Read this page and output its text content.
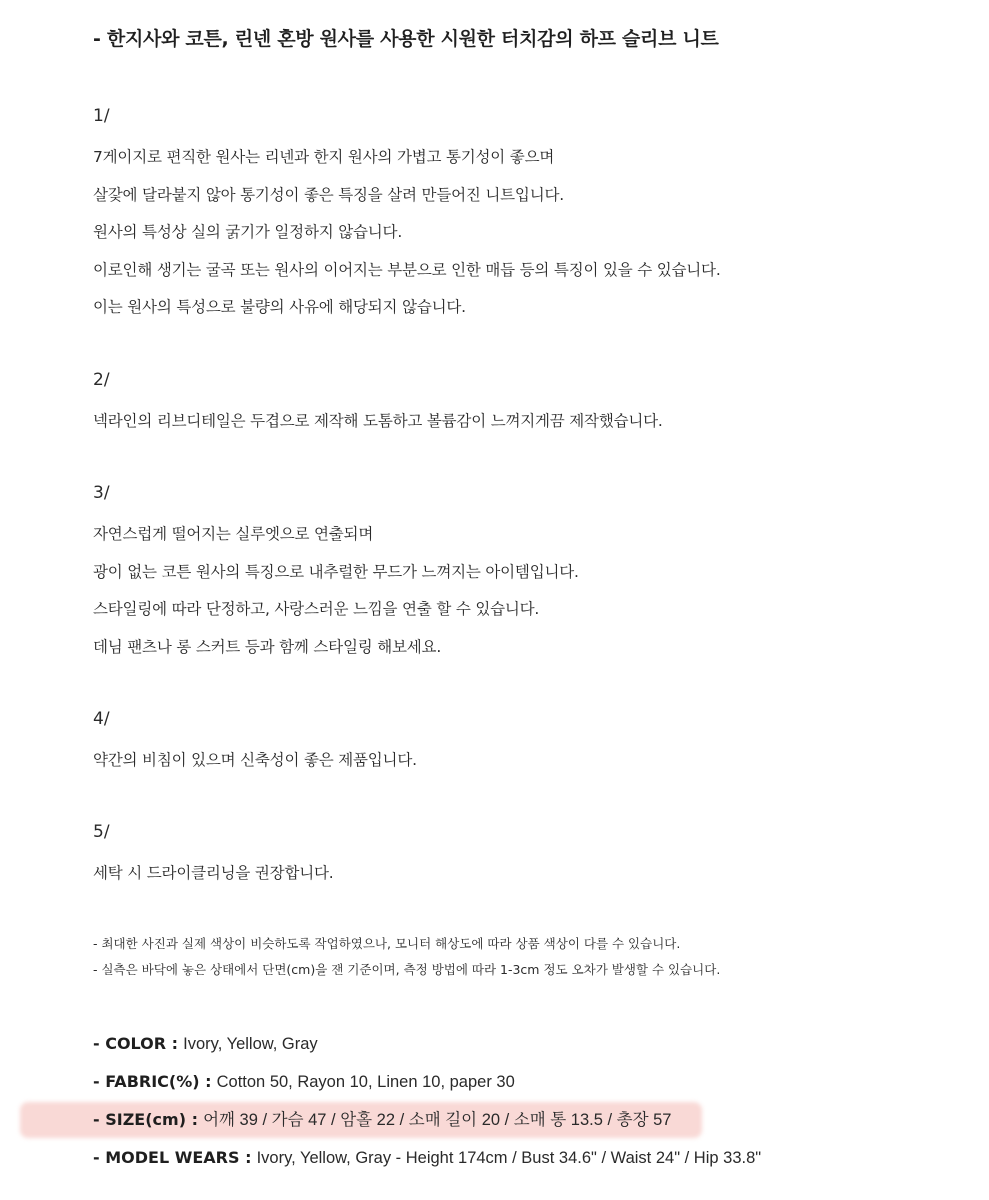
- 한지사와 코튼, 린넨 혼방 원사를 사용한 시원한 터치감의 하프 슬리브 니트
1/
7게이지로 편직한 원사는 리넨과 한지 원사의 가볍고 통기성이 좋으며
살갗에 달라붙지 않아 통기성이 좋은 특징을 살려 만들어진 니트입니다.
원사의 특성상 실의 굵기가 일정하지 않습니다.
이로인해 생기는 굴곡 또는 원사의 이어지는 부분으로 인한 매듭 등의 특징이 있을 수 있습니다.
이는 원사의 특성으로 불량의 사유에 해당되지 않습니다.
2/
넥라인의 리브디테일은 두겹으로 제작해 도톰하고 볼륨감이 느껴지게끔 제작했습니다.
3/
자연스럽게 떨어지는 실루엣으로 연출되며
광이 없는 코튼 원사의 특징으로 내추럴한 무드가 느껴지는 아이템입니다.
스타일링에 따라 단정하고, 사랑스러운 느낌을 연출 할 수 있습니다.
데님 팬츠나 롱 스커트 등과 함께 스타일링 해보세요.
4/
약간의 비침이 있으며 신축성이 좋은 제품입니다.
5/
세탁 시 드라이클리닝을 권장합니다.
- 최대한 사진과 실제 색상이 비슷하도록 작업하였으나, 모니터 해상도에 따라 상품 색상이 다를 수 있습니다.
- 실측은 바닥에 놓은 상태에서 단면(cm)을 잰 기준이며, 측정 방법에 따라 1-3cm 정도 오차가 발생할 수 있습니다.
- COLOR : Ivory, Yellow, Gray
- FABRIC(%) : Cotton 50, Rayon 10, Linen 10, paper 30
- SIZE(cm) : 어깨 39 / 가슴 47 / 암홀 22 / 소매 길이 20 / 소매 통 13.5 / 총장 57
- MODEL WEARS : Ivory, Yellow, Gray - Height 174cm / Bust 34.6" / Waist 24" / Hip 33.8"
